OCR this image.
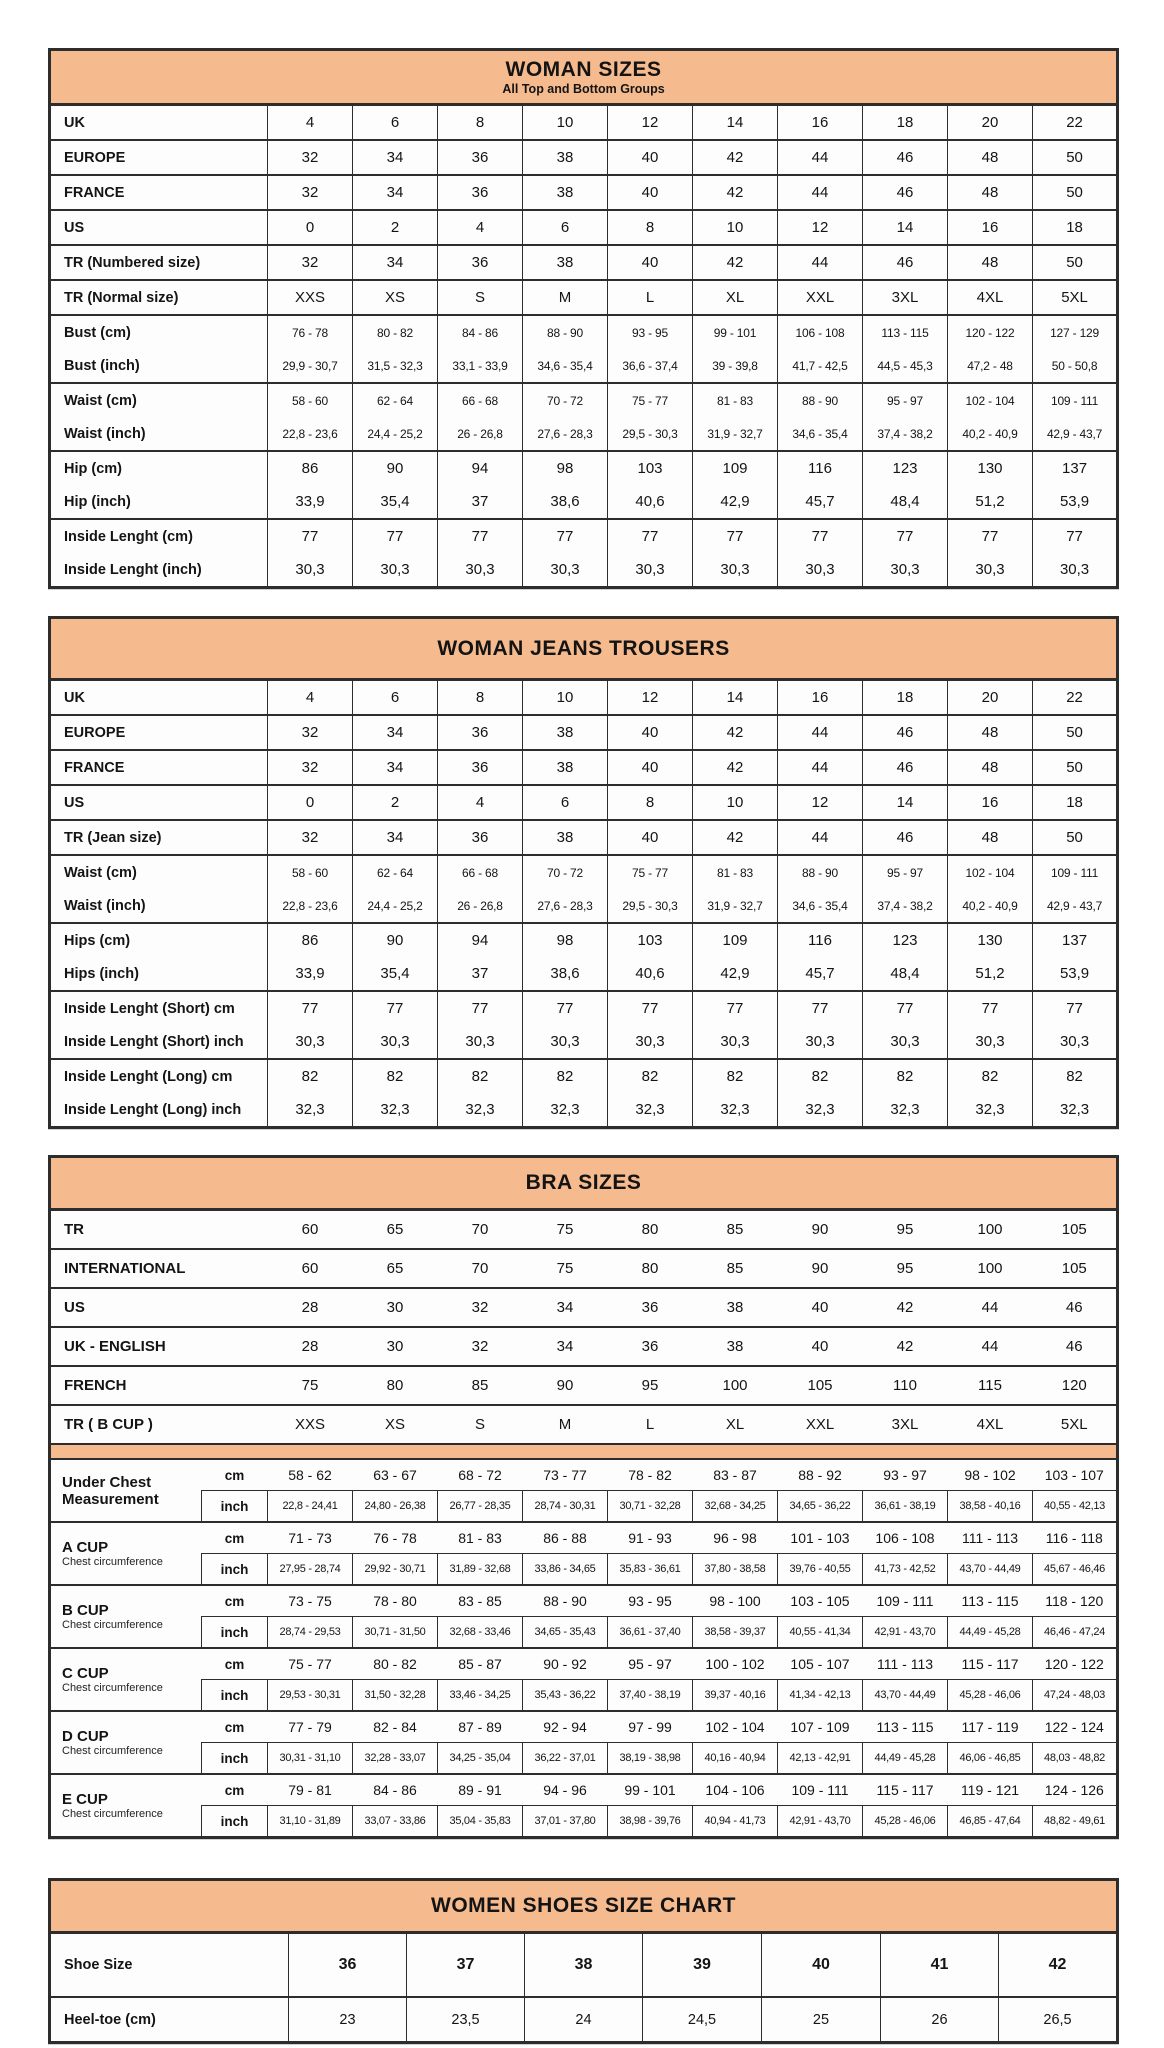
WOMAN SIZES
All Top and Bottom Groups										

UK	4	6	8	10	12	14	16	18	20	22
EUROPE	32	34	36	38	40	42	44	46	48	50
FRANCE	32	34	36	38	40	42	44	46	48	50
US	0	2	4	6	8	10	12	14	16	18
TR (Numbered size)	32	34	36	38	40	42	44	46	48	50
TR (Normal size)	XXS	XS	S	M	L	XL	XXL	3XL	4XL	5XL
Bust (cm)	76 - 78	80 - 82	84 - 86	88 - 90	93 - 95	99 - 101	106 - 108	113 - 115	120 - 122	127 - 129
Bust (inch)	29,9 - 30,7	31,5 - 32,3	33,1 - 33,9	34,6 - 35,4	36,6 - 37,4	39 - 39,8	41,7 - 42,5	44,5 - 45,3	47,2 - 48	50 - 50,8
Waist (cm)	58 - 60	62 - 64	66 - 68	70 - 72	75 - 77	81 - 83	88 - 90	95 - 97	102 - 104	109 - 111
Waist (inch)	22,8 - 23,6	24,4 - 25,2	26 - 26,8	27,6 - 28,3	29,5 - 30,3	31,9 - 32,7	34,6 - 35,4	37,4 - 38,2	40,2 - 40,9	42,9 - 43,7
Hip (cm)	86	90	94	98	103	109	116	123	130	137
Hip (inch)	33,9	35,4	37	38,6	40,6	42,9	45,7	48,4	51,2	53,9
Inside Lenght (cm)	77	77	77	77	77	77	77	77	77	77
Inside Lenght (inch)	30,3	30,3	30,3	30,3	30,3	30,3	30,3	30,3	30,3	30,3
WOMAN JEANS TROUSERS										

UK	4	6	8	10	12	14	16	18	20	22
EUROPE	32	34	36	38	40	42	44	46	48	50
FRANCE	32	34	36	38	40	42	44	46	48	50
US	0	2	4	6	8	10	12	14	16	18
TR (Jean size)	32	34	36	38	40	42	44	46	48	50
Waist (cm)	58 - 60	62 - 64	66 - 68	70 - 72	75 - 77	81 - 83	88 - 90	95 - 97	102 - 104	109 - 111
Waist (inch)	22,8 - 23,6	24,4 - 25,2	26 - 26,8	27,6 - 28,3	29,5 - 30,3	31,9 - 32,7	34,6 - 35,4	37,4 - 38,2	40,2 - 40,9	42,9 - 43,7
Hips (cm)	86	90	94	98	103	109	116	123	130	137
Hips (inch)	33,9	35,4	37	38,6	40,6	42,9	45,7	48,4	51,2	53,9
Inside Lenght (Short) cm	77	77	77	77	77	77	77	77	77	77
Inside Lenght (Short) inch	30,3	30,3	30,3	30,3	30,3	30,3	30,3	30,3	30,3	30,3
Inside Lenght (Long) cm	82	82	82	82	82	82	82	82	82	82
Inside Lenght (Long) inch	32,3	32,3	32,3	32,3	32,3	32,3	32,3	32,3	32,3	32,3
BRA SIZES											

TR		60	65	70	75	80	85	90	95	100	105
INTERNATIONAL		60	65	70	75	80	85	90	95	100	105
US		28	30	32	34	36	38	40	42	44	46
UK - ENGLISH		28	30	32	34	36	38	40	42	44	46
FRENCH		75	80	85	90	95	100	105	110	115	120
TR ( B CUP )		XXS	XS	S	M	L	XL	XXL	3XL	4XL	5XL

Under Chest Measurement	cm	58 - 62	63 - 67	68 - 72	73 - 77	78 - 82	83 - 87	88 - 92	93 - 97	98 - 102	103 - 107
	inch	22,8 - 24,41	24,80 - 26,38	26,77 - 28,35	28,74 - 30,31	30,71 - 32,28	32,68 - 34,25	34,65 - 36,22	36,61 - 38,19	38,58 - 40,16	40,55 - 42,13

A CUP
Chest circumference	cm	71 - 73	76 - 78	81 - 83	86 - 88	91 - 93	96 - 98	101 - 103	106 - 108	111 - 113	116 - 118
	inch	27,95 - 28,74	29,92 - 30,71	31,89 - 32,68	33,86 - 34,65	35,83 - 36,61	37,80 - 38,58	39,76 - 40,55	41,73 - 42,52	43,70 - 44,49	45,67 - 46,46

B CUP
Chest circumference	cm	73 - 75	78 - 80	83 - 85	88 - 90	93 - 95	98 - 100	103 - 105	109 - 111	113 - 115	118 - 120
	inch	28,74 - 29,53	30,71 - 31,50	32,68 - 33,46	34,65 - 35,43	36,61 - 37,40	38,58 - 39,37	40,55 - 41,34	42,91 - 43,70	44,49 - 45,28	46,46 - 47,24

C CUP
Chest circumference	cm	75 - 77	80 - 82	85 - 87	90 - 92	95 - 97	100 - 102	105 - 107	111 - 113	115 - 117	120 - 122
	inch	29,53 - 30,31	31,50 - 32,28	33,46 - 34,25	35,43 - 36,22	37,40 - 38,19	39,37 - 40,16	41,34 - 42,13	43,70 - 44,49	45,28 - 46,06	47,24 - 48,03

D CUP
Chest circumference	cm	77 - 79	82 - 84	87 - 89	92 - 94	97 - 99	102 - 104	107 - 109	113 - 115	117 - 119	122 - 124
	inch	30,31 - 31,10	32,28 - 33,07	34,25 - 35,04	36,22 - 37,01	38,19 - 38,98	40,16 - 40,94	42,13 - 42,91	44,49 - 45,28	46,06 - 46,85	48,03 - 48,82

E CUP
Chest circumference	cm	79 - 81	84 - 86	89 - 91	94 - 96	99 - 101	104 - 106	109 - 111	115 - 117	119 - 121	124 - 126
	inch	31,10 - 31,89	33,07 - 33,86	35,04 - 35,83	37,01 - 37,80	38,98 - 39,76	40,94 - 41,73	42,91 - 43,70	45,28 - 46,06	46,85 - 47,64	48,82 - 49,61
WOMEN SHOES SIZE CHART							

Shoe Size	36	37	38	39	40	41	42
Heel-toe (cm)	23	23,5	24	24,5	25	26	26,5
